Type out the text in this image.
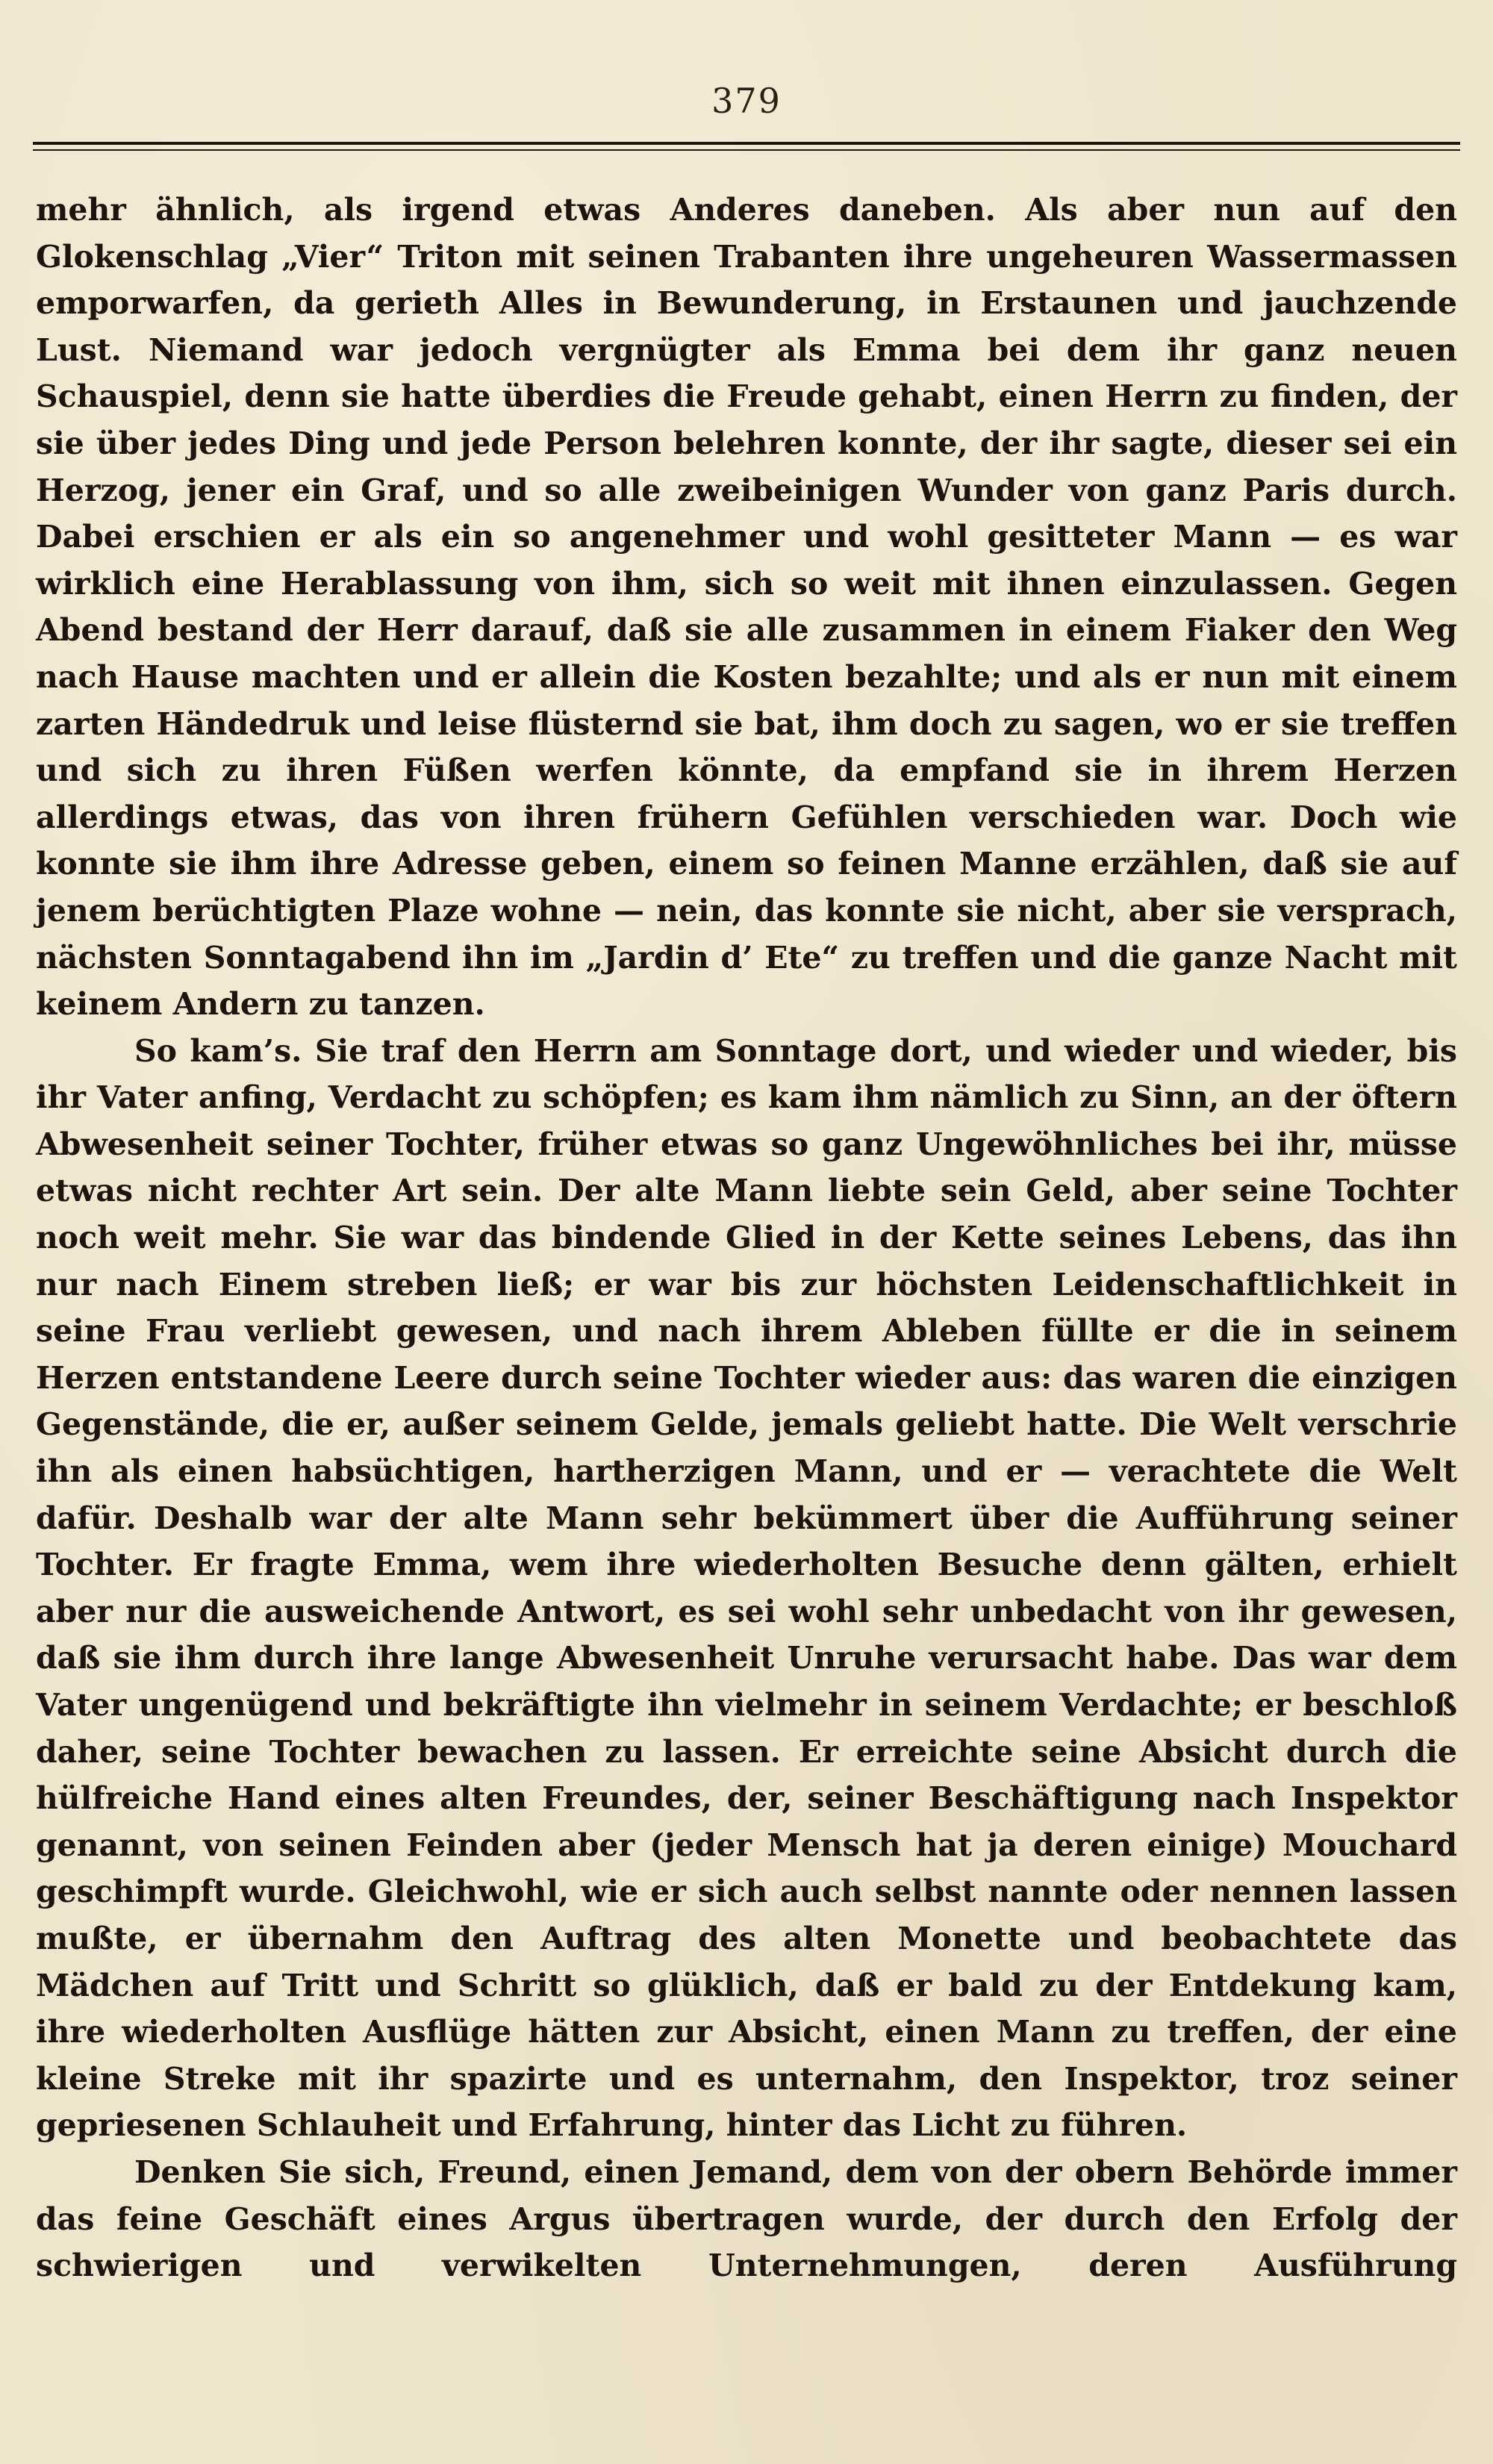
379

mehr ähnlich, als irgend etwas Anderes daneben. Als aber nun auf den Glokenschlag „Vier“ Triton mit seinen Trabanten ihre ungeheuren Wassermassen emporwarfen, da gerieth Alles in Bewunderung, in Erstaunen und jauchzende Lust. Niemand war jedoch vergnügter als Emma bei dem ihr ganz neuen Schauspiel, denn sie hatte überdies die Freude gehabt, einen Herrn zu finden, der sie über jedes Ding und jede Person belehren konnte, der ihr sagte, dieser sei ein Herzog, jener ein Graf, und so alle zweibeinigen Wunder von ganz Paris durch. Dabei erschien er als ein so angenehmer und wohl gesitteter Mann — es war wirklich eine Herablassung von ihm, sich so weit mit ihnen einzulassen. Gegen Abend bestand der Herr darauf, daß sie alle zusammen in einem Fiaker den Weg nach Hause machten und er allein die Kosten bezahlte; und als er nun mit einem zarten Händedruk und leise flüsternd sie bat, ihm doch zu sagen, wo er sie treffen und sich zu ihren Füßen werfen könnte, da empfand sie in ihrem Herzen allerdings etwas, das von ihren frühern Gefühlen verschieden war. Doch wie konnte sie ihm ihre Adresse geben, einem so feinen Manne erzählen, daß sie auf jenem berüchtigten Plaze wohne — nein, das konnte sie nicht, aber sie versprach, nächsten Sonntagabend ihn im „Jardin d’ Ete“ zu treffen und die ganze Nacht mit keinem Andern zu tanzen.

So kam’s. Sie traf den Herrn am Sonntage dort, und wieder und wieder, bis ihr Vater anfing, Verdacht zu schöpfen; es kam ihm nämlich zu Sinn, an der öftern Abwesenheit seiner Tochter, früher etwas so ganz Ungewöhnliches bei ihr, müsse etwas nicht rechter Art sein. Der alte Mann liebte sein Geld, aber seine Tochter noch weit mehr. Sie war das bindende Glied in der Kette seines Lebens, das ihn nur nach Einem streben ließ; er war bis zur höchsten Leidenschaftlichkeit in seine Frau verliebt gewesen, und nach ihrem Ableben füllte er die in seinem Herzen entstandene Leere durch seine Tochter wieder aus: das waren die einzigen Gegenstände, die er, außer seinem Gelde, jemals geliebt hatte. Die Welt verschrie ihn als einen habsüchtigen, hartherzigen Mann, und er — verachtete die Welt dafür. Deshalb war der alte Mann sehr bekümmert über die Aufführung seiner Tochter. Er fragte Emma, wem ihre wiederholten Besuche denn gälten, erhielt aber nur die ausweichende Antwort, es sei wohl sehr unbedacht von ihr gewesen, daß sie ihm durch ihre lange Abwesenheit Unruhe verursacht habe. Das war dem Vater ungenügend und bekräftigte ihn vielmehr in seinem Verdachte; er beschloß daher, seine Tochter bewachen zu lassen. Er erreichte seine Absicht durch die hülfreiche Hand eines alten Freundes, der, seiner Beschäftigung nach Inspektor genannt, von seinen Feinden aber (jeder Mensch hat ja deren einige) Mouchard geschimpft wurde. Gleichwohl, wie er sich auch selbst nannte oder nennen lassen mußte, er übernahm den Auftrag des alten Monette und beobachtete das Mädchen auf Tritt und Schritt so glüklich, daß er bald zu der Entdekung kam, ihre wiederholten Ausflüge hätten zur Absicht, einen Mann zu treffen, der eine kleine Streke mit ihr spazirte und es unternahm, den Inspektor, troz seiner gepriesenen Schlauheit und Erfahrung, hinter das Licht zu führen.

Denken Sie sich, Freund, einen Jemand, dem von der obern Behörde immer das feine Geschäft eines Argus übertragen wurde, der durch den Erfolg der schwierigen und verwikelten Unternehmungen, deren Ausführung
